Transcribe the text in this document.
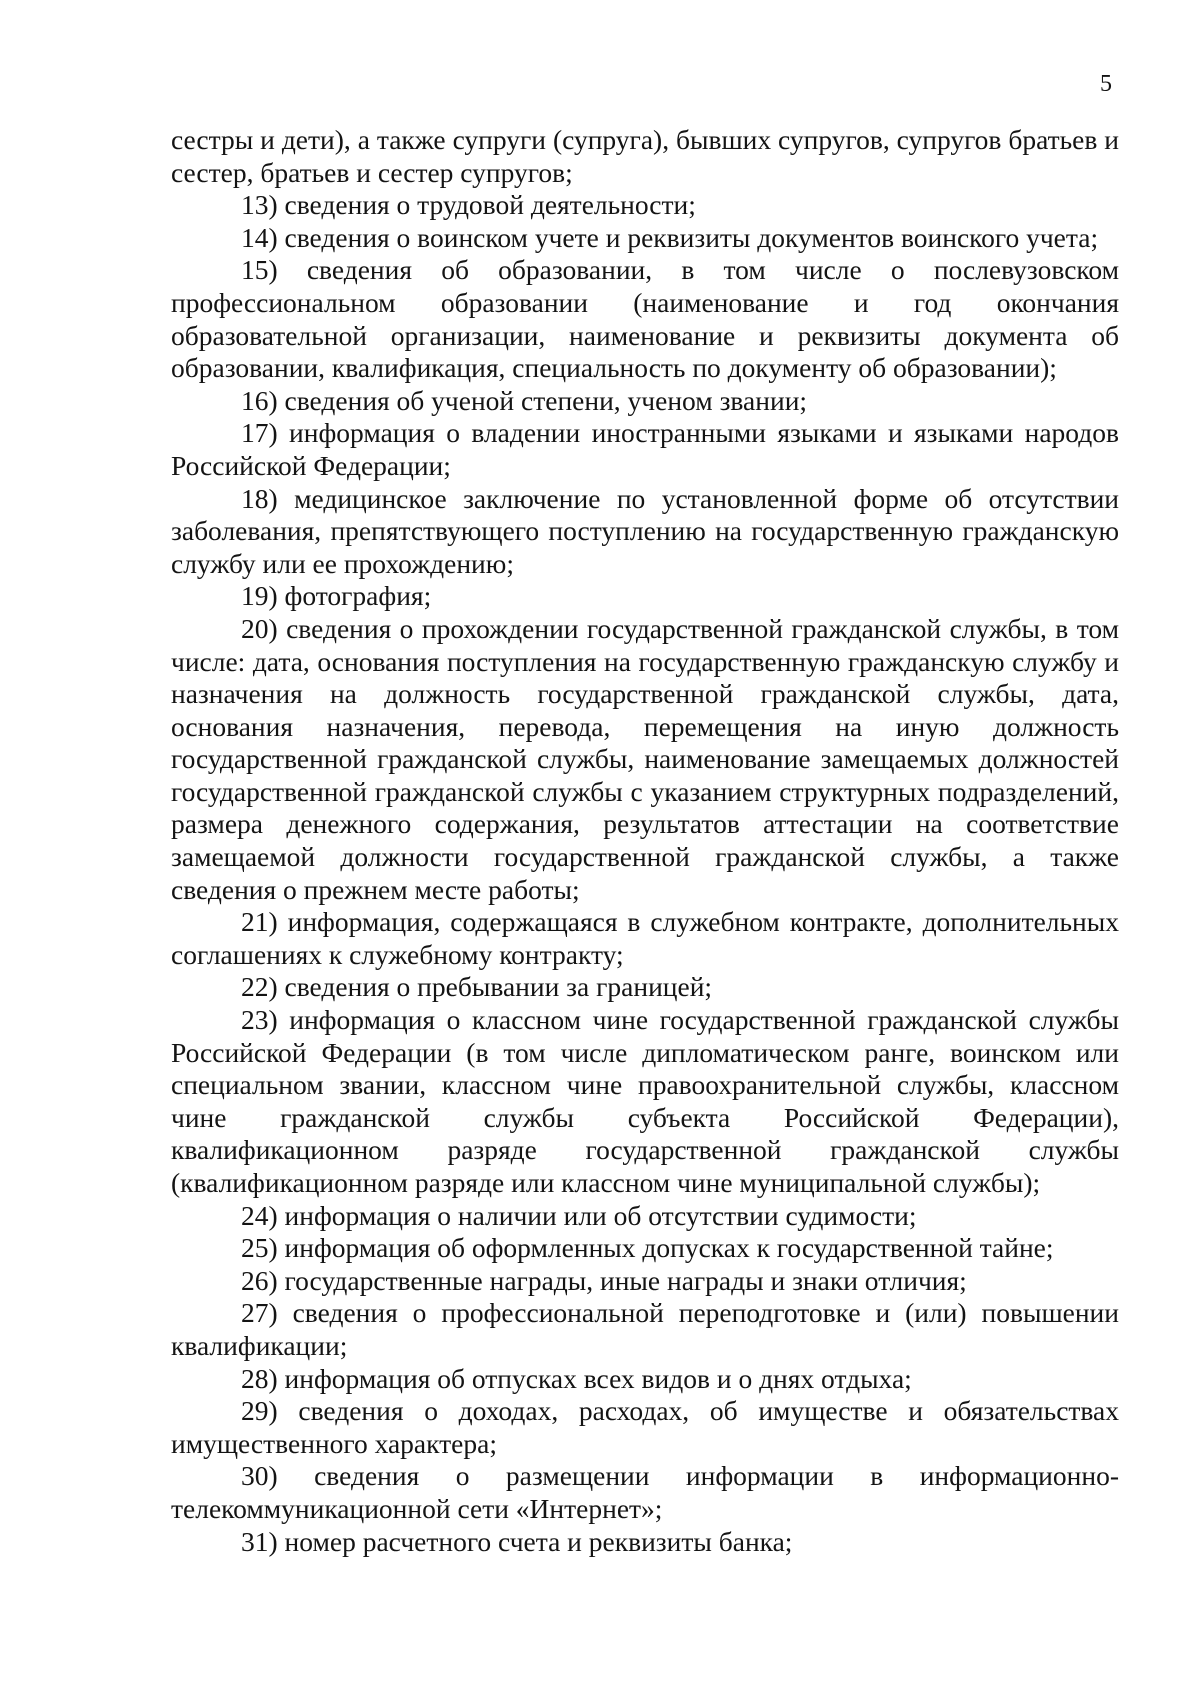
5

сестры и дети), а также супруги (супруга), бывших супругов, супругов братьев и сестер, братьев и сестер супругов;

13) сведения о трудовой деятельности;

14) сведения о воинском учете и реквизиты документов воинского учета;

15) сведения об образовании, в том числе о послевузовском профессиональном образовании (наименование и год окончания образовательной организации, наименование и реквизиты документа об образовании, квалификация, специальность по документу об образовании);

16) сведения об ученой степени, ученом звании;

17) информация о владении иностранными языками и языками народов Российской Федерации;

18) медицинское заключение по установленной форме об отсутствии заболевания, препятствующего поступлению на государственную гражданскую службу или ее прохождению;

19) фотография;

20) сведения о прохождении государственной гражданской службы, в том числе: дата, основания поступления на государственную гражданскую службу и назначения на должность государственной гражданской службы, дата, основания назначения, перевода, перемещения на иную должность государственной гражданской службы, наименование замещаемых должностей государственной гражданской службы с указанием структурных подразделений, размера денежного содержания, результатов аттестации на соответствие замещаемой должности государственной гражданской службы, а также сведения о прежнем месте работы;

21) информация, содержащаяся в служебном контракте, дополнительных соглашениях к служебному контракту;

22) сведения о пребывании за границей;

23) информация о классном чине государственной гражданской службы Российской Федерации (в том числе дипломатическом ранге, воинском или специальном звании, классном чине правоохранительной службы, классном чине гражданской службы субъекта Российской Федерации), квалификационном разряде государственной гражданской службы (квалификационном разряде или классном чине муниципальной службы);

24) информация о наличии или об отсутствии судимости;

25) информация об оформленных допусках к государственной тайне;

26) государственные награды, иные награды и знаки отличия;

27) сведения о профессиональной переподготовке и (или) повышении квалификации;

28) информация об отпусках всех видов и о днях отдыха;

29) сведения о доходах, расходах, об имуществе и обязательствах имущественного характера;

30) сведения о размещении информации в информационно-телекоммуникационной сети «Интернет»;

31) номер расчетного счета и реквизиты банка;
